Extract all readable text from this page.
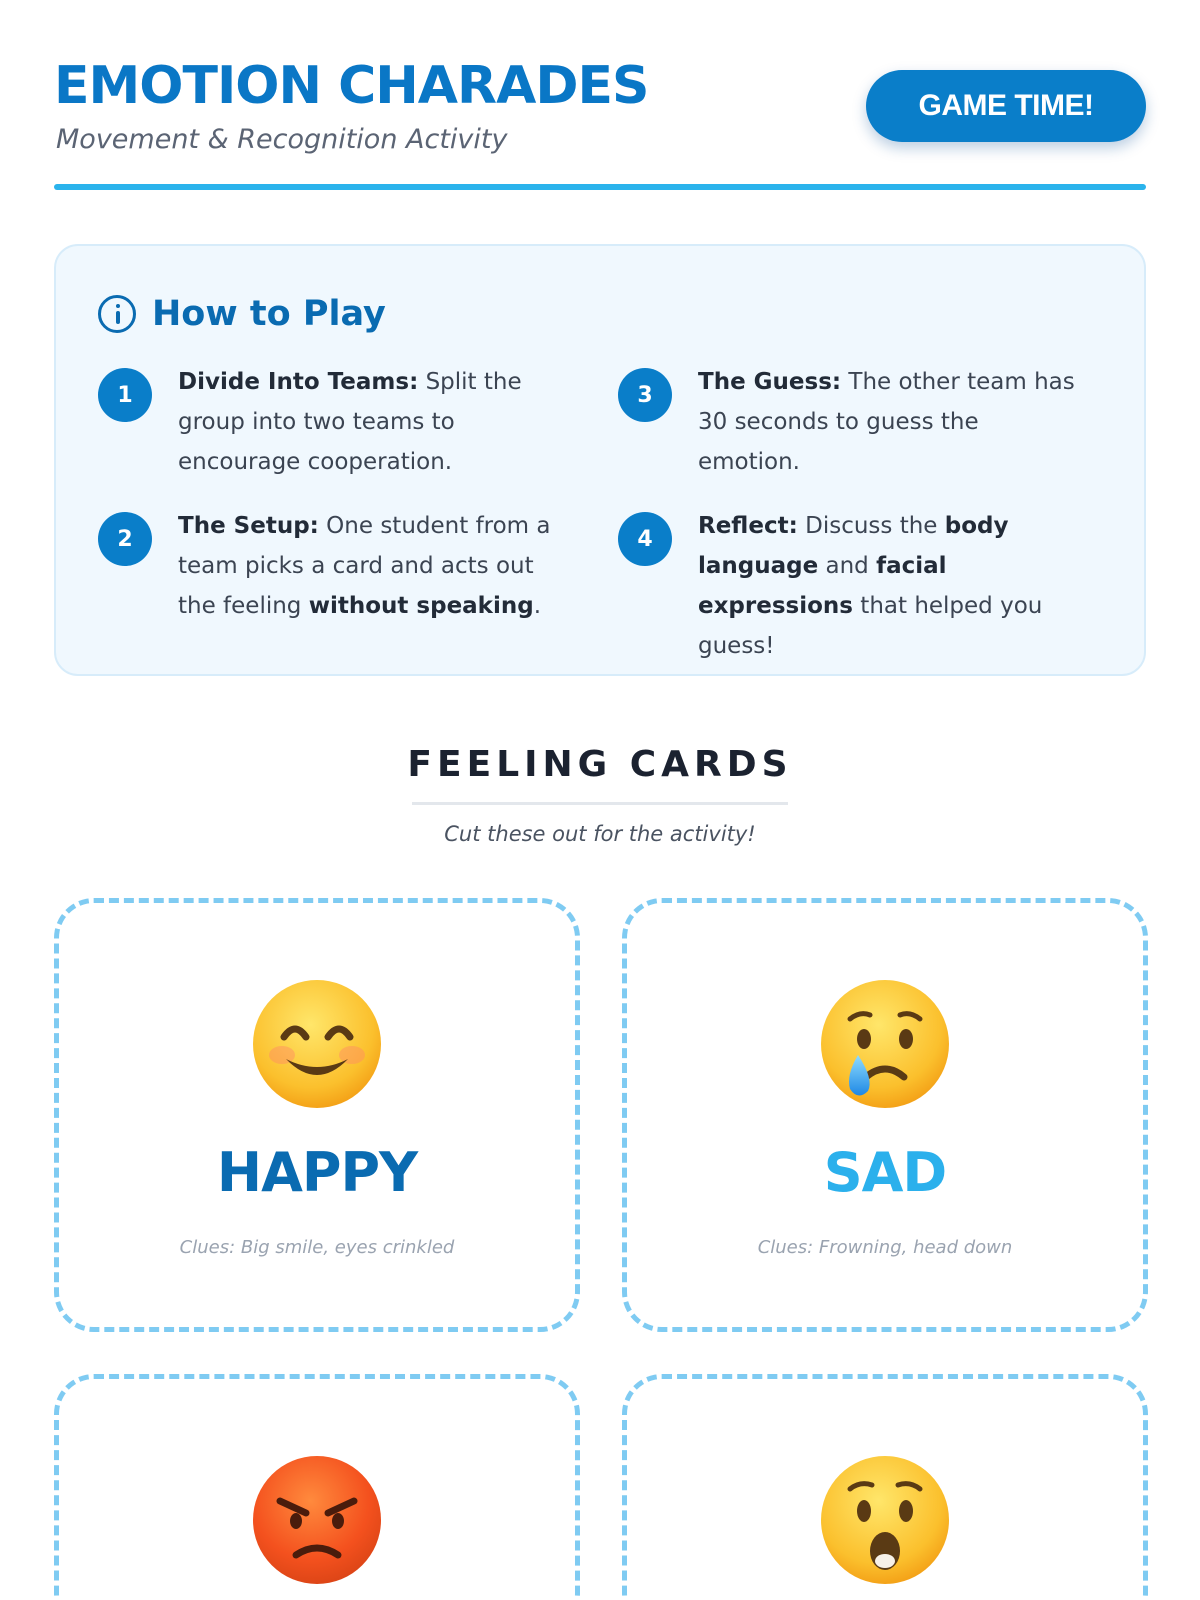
EMOTION CHARADES
Movement & Recognition Activity
GAME TIME!
How to Play
1	Divide Into Teams: Split the group into two teams to encourage cooperation.
2	The Setup: One student from a team picks a card and acts out the feeling without speaking.
3	The Guess: The other team has 30 seconds to guess the emotion.
4	Reflect: Discuss the body language and facial expressions that helped you guess!
FEELING CARDS
Cut these out for the activity!
HAPPY
Clues: Big smile, eyes crinkled
SAD
Clues: Frowning, head down
